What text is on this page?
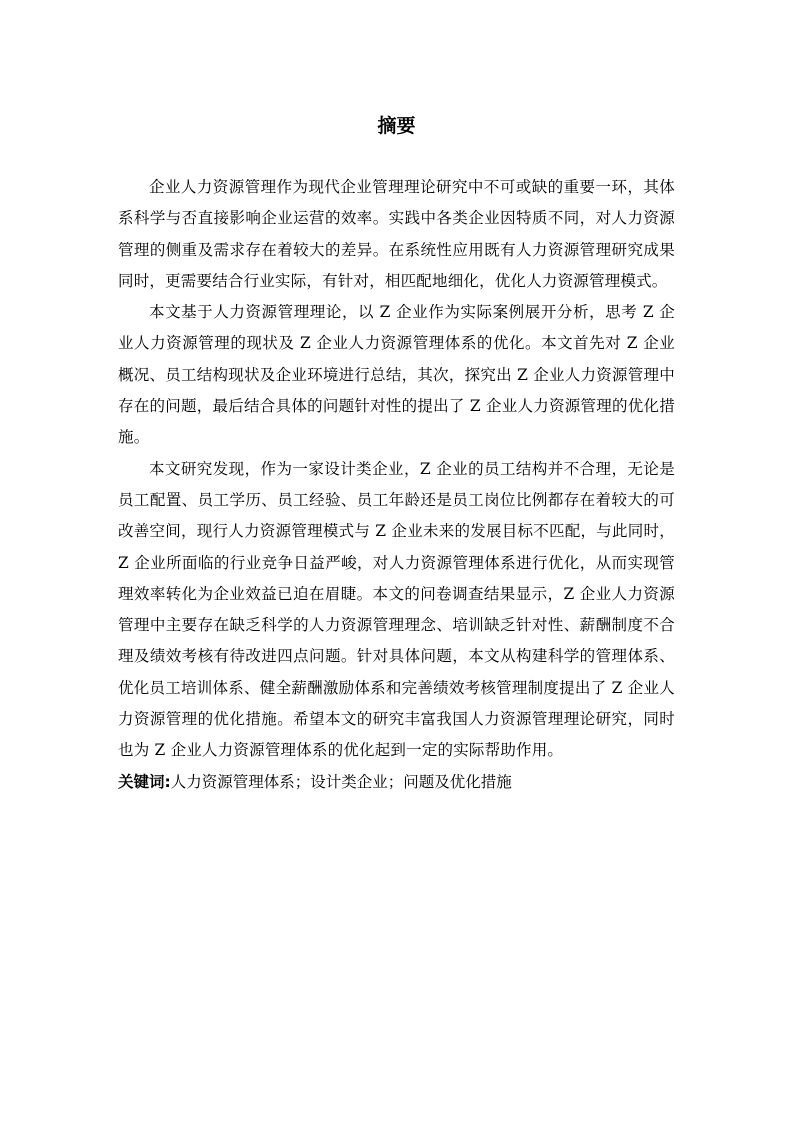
摘要

企业人力资源管理作为现代企业管理理论研究中不可或缺的重要一环，其体系科学与否直接影响企业运营的效率。实践中各类企业因特质不同，对人力资源管理的侧重及需求存在着较大的差异。在系统性应用既有人力资源管理研究成果同时，更需要结合行业实际，有针对，相匹配地细化，优化人力资源管理模式。

本文基于人力资源管理理论，以 Z 企业作为实际案例展开分析，思考 Z 企业人力资源管理的现状及 Z 企业人力资源管理体系的优化。本文首先对 Z 企业概况、员工结构现状及企业环境进行总结，其次，探究出 Z 企业人力资源管理中存在的问题，最后结合具体的问题针对性的提出了 Z 企业人力资源管理的优化措施。

本文研究发现，作为一家设计类企业，Z 企业的员工结构并不合理，无论是员工配置、员工学历、员工经验、员工年龄还是员工岗位比例都存在着较大的可改善空间，现行人力资源管理模式与 Z 企业未来的发展目标不匹配，与此同时，Z 企业所面临的行业竞争日益严峻，对人力资源管理体系进行优化，从而实现管理效率转化为企业效益已迫在眉睫。本文的问卷调查结果显示，Z 企业人力资源管理中主要存在缺乏科学的人力资源管理理念、培训缺乏针对性、薪酬制度不合理及绩效考核有待改进四点问题。针对具体问题，本文从构建科学的管理体系、优化员工培训体系、健全薪酬激励体系和完善绩效考核管理制度提出了 Z 企业人力资源管理的优化措施。希望本文的研究丰富我国人力资源管理理论研究，同时也为 Z 企业人力资源管理体系的优化起到一定的实际帮助作用。

关键词:人力资源管理体系；设计类企业；问题及优化措施
